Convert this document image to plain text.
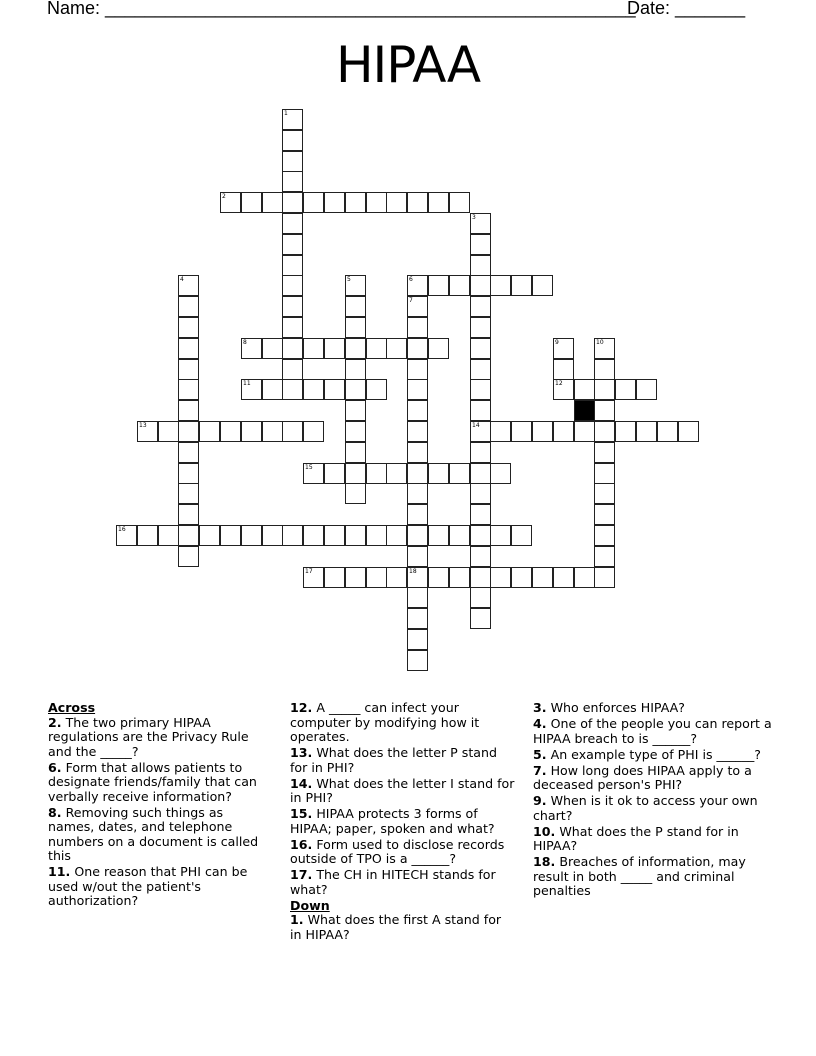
Name: _____________________________________________________
Date: _______
HIPAA
1
2
3
14
4	5	6
7
18
8	9
12
10
11
13
15
16
17
Across
2. The two primary HIPAA regulations are the Privacy Rule and the _____?
6. Form that allows patients to designate friends/family that can verbally receive information?
8. Removing such things as names, dates, and telephone numbers on a document is called this
11. One reason that PHI can be used w/out the patient's authorization?
12. A _____ can infect your computer by modifying how it operates.
13. What does the letter P stand for in PHI?
14. What does the letter I stand for in PHI?
15. HIPAA protects 3 forms of HIPAA; paper, spoken and what?
16. Form used to disclose records outside of TPO is a ______?
17. The CH in HITECH stands for what?
Down
1. What does the first A stand for in HIPAA?
3. Who enforces HIPAA?
4. One of the people you can report a HIPAA breach to is ______?
5. An example type of PHI is ______?
7. How long does HIPAA apply to a deceased person's PHI?
9. When is it ok to access your own chart?
10. What does the P stand for in HIPAA?
18. Breaches of information, may result in both _____ and criminal penalties
